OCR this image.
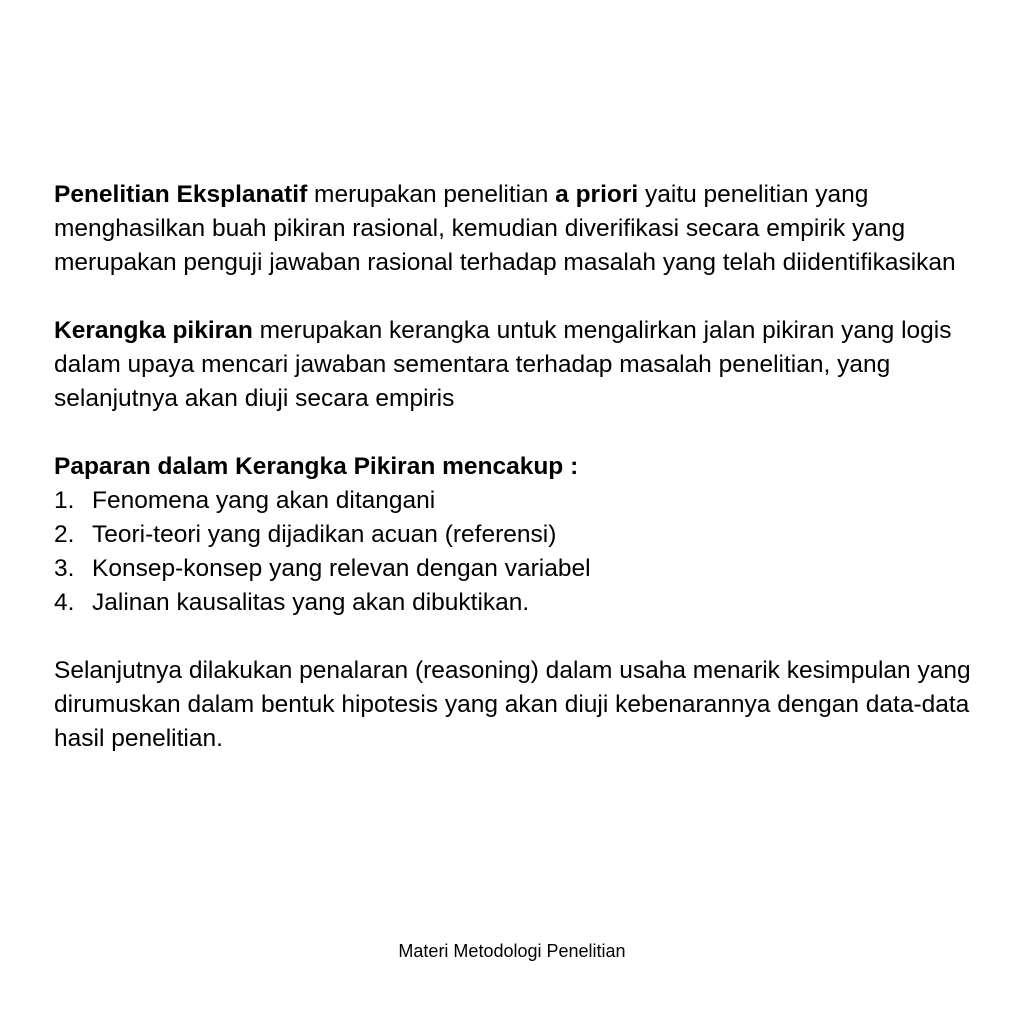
Penelitian Eksplanatif merupakan penelitian a priori yaitu penelitian yang menghasilkan buah pikiran rasional, kemudian diverifikasi secara empirik yang merupakan penguji jawaban rasional terhadap masalah yang telah diidentifikasikan

Kerangka pikiran merupakan kerangka untuk mengalirkan jalan pikiran yang logis dalam upaya mencari jawaban sementara terhadap masalah penelitian, yang selanjutnya akan diuji secara empiris

Paparan dalam Kerangka Pikiran mencakup :

1. Fenomena yang akan ditangani
2. Teori-teori yang dijadikan acuan (referensi)
3. Konsep-konsep yang relevan dengan variabel
4. Jalinan kausalitas yang akan dibuktikan.

Selanjutnya dilakukan penalaran (reasoning) dalam usaha menarik kesimpulan yang dirumuskan dalam bentuk hipotesis yang akan diuji kebenarannya dengan data-data hasil penelitian.

Materi Metodologi Penelitian
